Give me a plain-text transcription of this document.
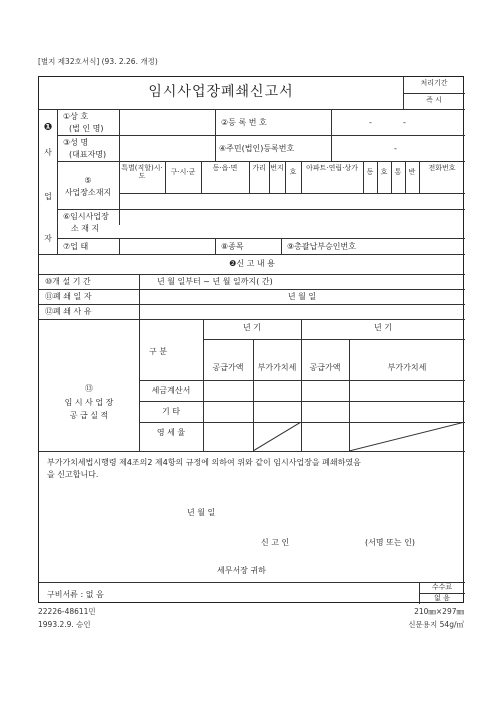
[별지 제32호서식] (93. 2.26. 개정)
임시사업장폐쇄신고서
처리기간
즉 시
❶
사
업
자
①상 호
(법 인 명)
②등 록 번 호	-	-
③성 명
(대표자명)
④주민(법인)등록번호	-
⑤
사업장소재지
특별(직할)시·도	구·시·군	동·읍·면	가리 번지 호	아파트·연립·상가	동	호	통	반	전화번호
⑥임시사업장
소 재 지
⑦업 태	⑧종목	⑨총괄납부승인번호
❷신 고 내 용
⑩개 설 기 간	년 월 일부터 ~ 년 월 일까지( 간)
⑪폐 쇄 일 자	년 월 일
⑫폐 쇄 사 유
⑬
임 시 사 업 장
공 급 실 적
구 분
년 기	년 기
공급가액	부가가치세	공급가액	부가가치세
세금계산서
기 타
영 세 율
부가가치세법시행령 제4조의2 제4항의 규정에 의하여 위와 같이 임시사업장을 폐쇄하였음
을 신고합니다.
년 월 일
신 고 인	(서명 또는 인)
세무서장 귀하
구비서류 : 없 음
수수료
없 음
22226-48611민
1993.2.9. 승인
210㎜×297㎜
신문용지 54g/㎡
